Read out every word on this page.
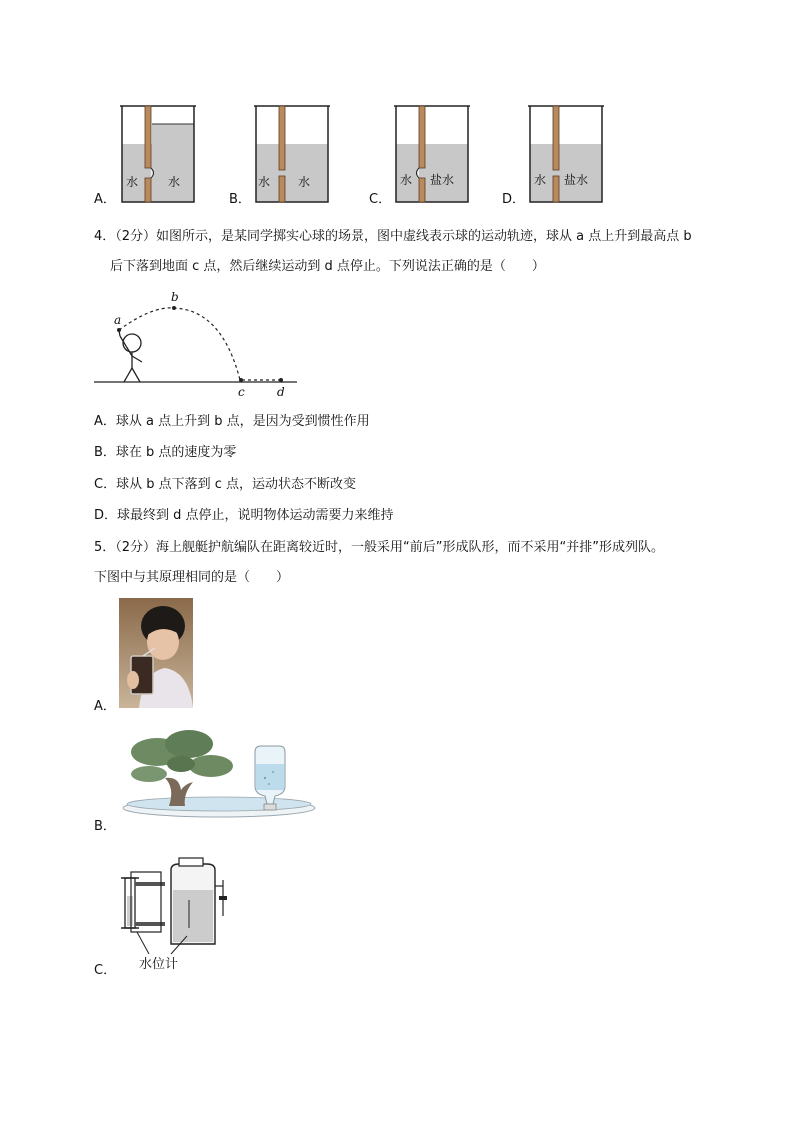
A．
水 水
B．
水 水
C．
水 盐水
D．
水 盐水
4．（2分）如图所示，是某同学掷实心球的场景，图中虚线表示球的运动轨迹，球从 a 点上升到最高点 b
后下落到地面 c 点，然后继续运动到 d 点停止。下列说法正确的是（　　）
a
b
c	d
A．球从 a 点上升到 b 点，是因为受到惯性作用
B．球在 b 点的速度为零
C．球从 b 点下落到 c 点，运动状态不断改变
D．球最终到 d 点停止，说明物体运动需要力来维持
5．（2分）海上舰艇护航编队在距离较近时，一般采用“前后”形成队形，而不采用“并排”形成列队。
下图中与其原理相同的是（　　）
A．
B．
水位计
C．
